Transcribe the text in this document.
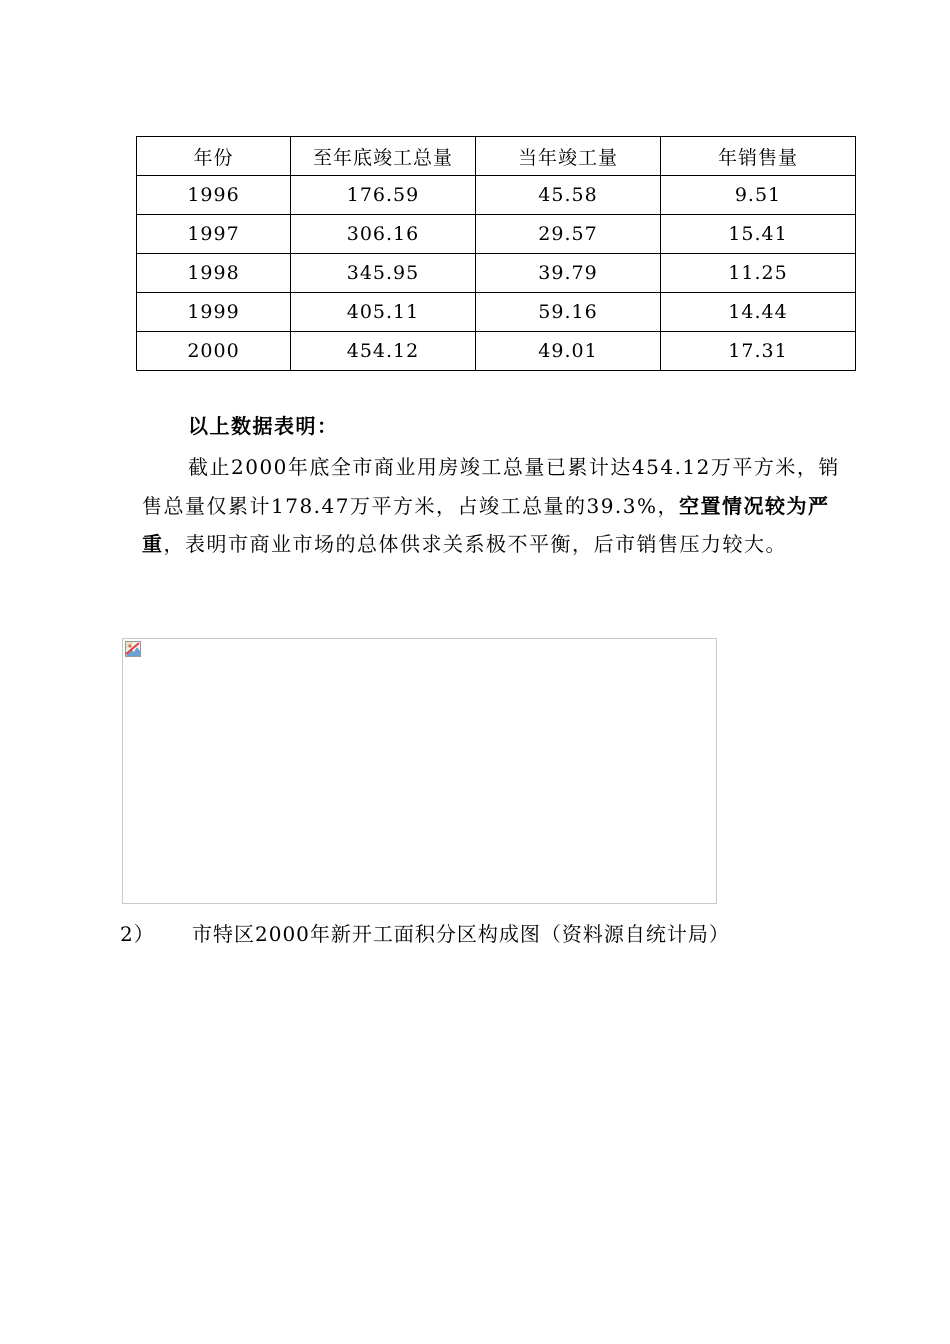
年份	至年底竣工总量	当年竣工量	年销售量
1996	176.59	45.58	9.51
1997	306.16	29.57	15.41
1998	345.95	39.79	11.25
1999	405.11	59.16	14.44
2000	454.12	49.01	17.31
以上数据表明：
截止2000年底全市商业用房竣工总量已累计达454.12万平方米，销售总量仅累计178.47万平方米，占竣工总量的39.3%，空置情况较为严重，表明市商业市场的总体供求关系极不平衡，后市销售压力较大。
2） 市特区2000年新开工面积分区构成图（资料源自统计局）
